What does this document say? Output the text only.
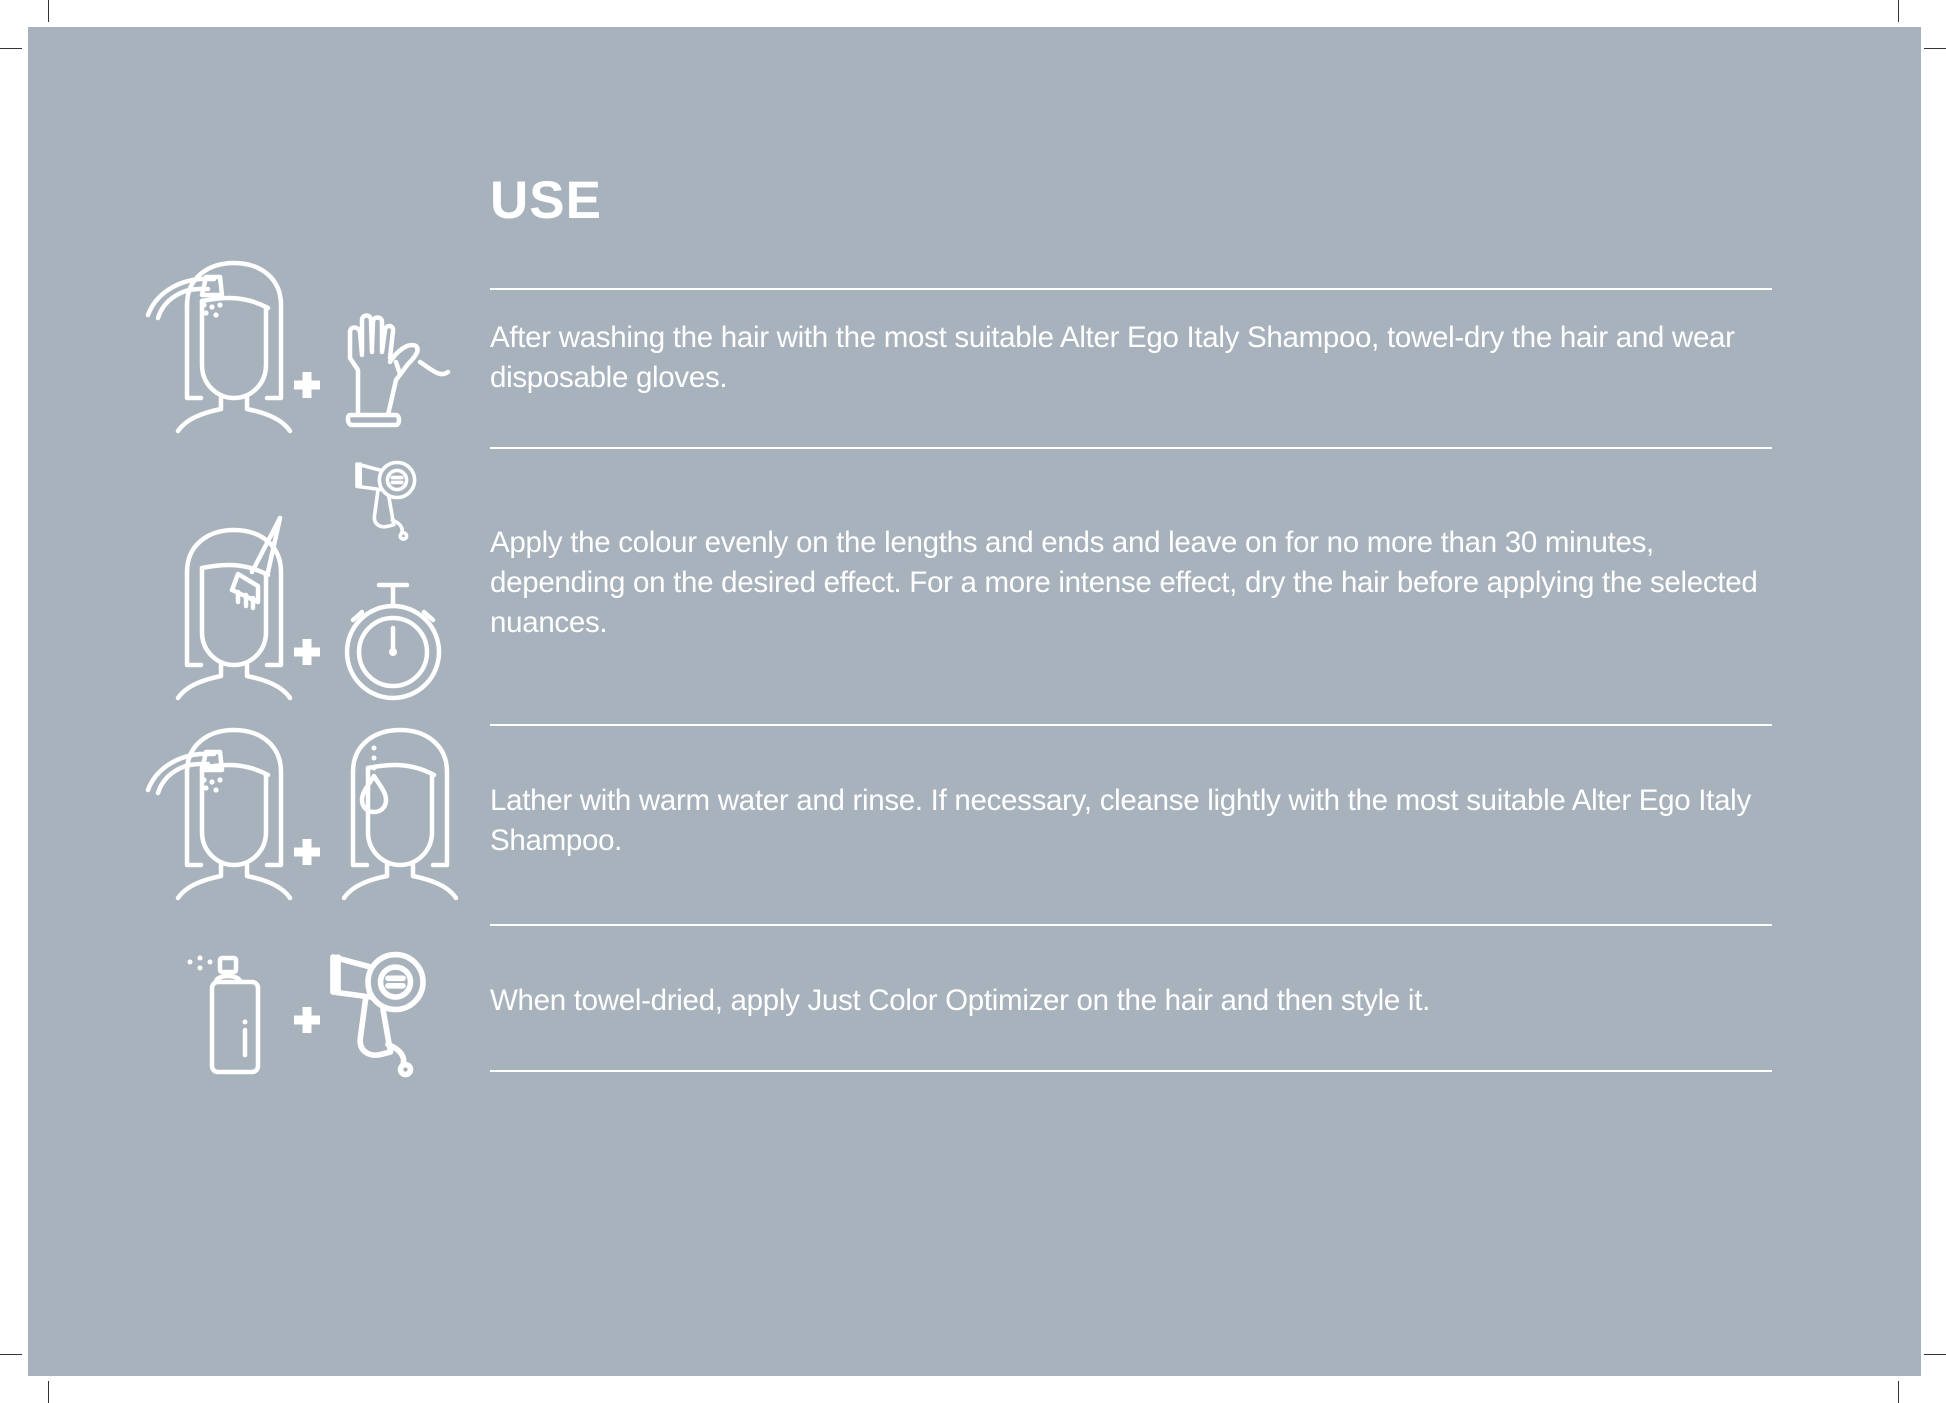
USE
After washing the hair with the most suitable Alter Ego Italy Shampoo, towel-dry the hair and wear disposable gloves.
Apply the colour evenly on the lengths and ends and leave on for no more than 30 minutes, depending on the desired effect. For a more intense effect, dry the hair before applying the selected nuances.
Lather with warm water and rinse. If necessary, cleanse lightly with the most suitable Alter Ego Italy Shampoo.
When towel-dried, apply Just Color Optimizer on the hair and then style it.
